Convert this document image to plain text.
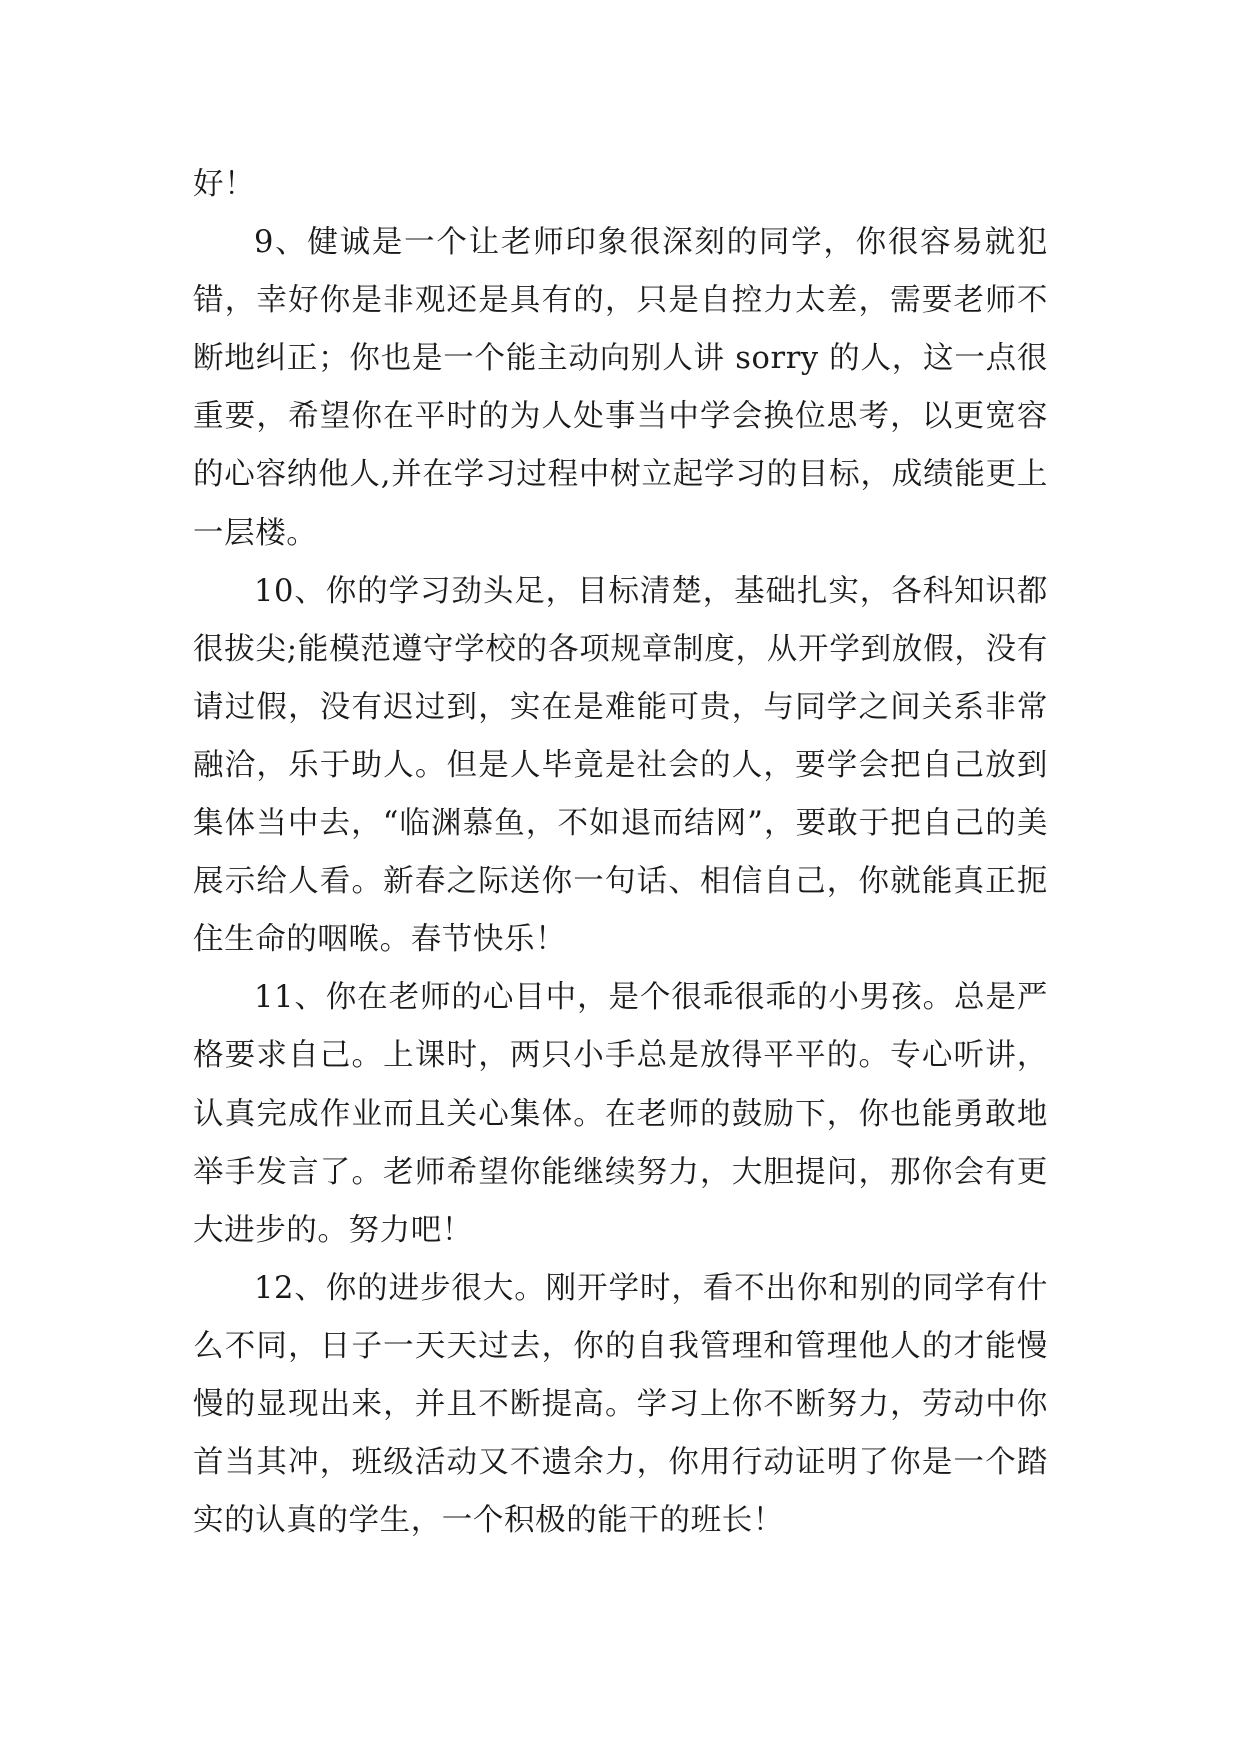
好！

9、健诚是一个让老师印象很深刻的同学，你很容易就犯错，幸好你是非观还是具有的，只是自控力太差，需要老师不断地纠正；你也是一个能主动向别人讲 sorry 的人，这一点很重要，希望你在平时的为人处事当中学会换位思考，以更宽容的心容纳他人,并在学习过程中树立起学习的目标，成绩能更上一层楼。

10、你的学习劲头足，目标清楚，基础扎实，各科知识都很拔尖;能模范遵守学校的各项规章制度，从开学到放假，没有请过假，没有迟过到，实在是难能可贵，与同学之间关系非常融洽，乐于助人。但是人毕竟是社会的人，要学会把自己放到集体当中去，“临渊慕鱼，不如退而结网”，要敢于把自己的美展示给人看。新春之际送你一句话、相信自己，你就能真正扼住生命的咽喉。春节快乐！

11、你在老师的心目中，是个很乖很乖的小男孩。总是严格要求自己。上课时，两只小手总是放得平平的。专心听讲，认真完成作业而且关心集体。在老师的鼓励下，你也能勇敢地举手发言了。老师希望你能继续努力，大胆提问，那你会有更大进步的。努力吧！

12、你的进步很大。刚开学时，看不出你和别的同学有什么不同，日子一天天过去，你的自我管理和管理他人的才能慢慢的显现出来，并且不断提高。学习上你不断努力，劳动中你首当其冲，班级活动又不遗余力，你用行动证明了你是一个踏实的认真的学生，一个积极的能干的班长！
